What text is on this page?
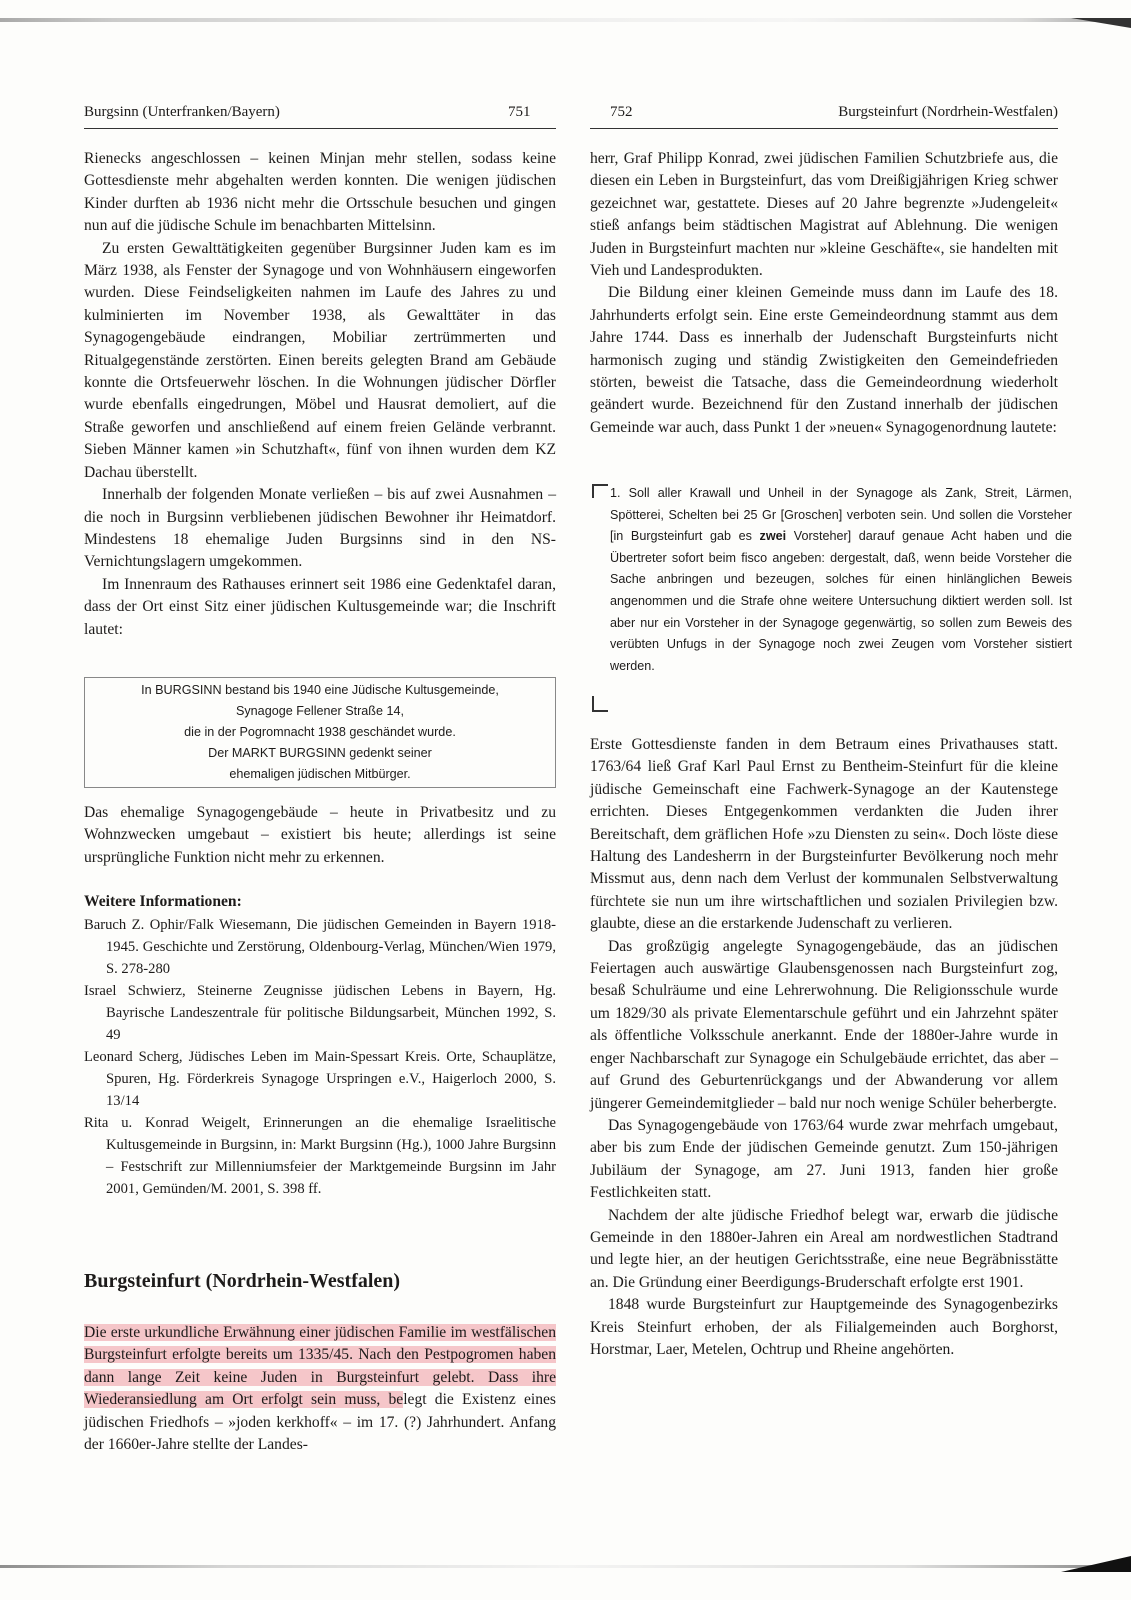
Burgsinn (Unterfranken/Bayern)	751	752	Burgsteinfurt (Nordrhein-Westfalen)

Rienecks angeschlossen – keinen Minjan mehr stellen, sodass keine Gottesdienste mehr abgehalten werden konnten. Die wenigen jüdischen Kinder durften ab 1936 nicht mehr die Ortsschule besuchen und gingen nun auf die jüdische Schule im benachbarten Mittelsinn.

Zu ersten Gewalttätigkeiten gegenüber Burgsinner Juden kam es im März 1938, als Fenster der Synagoge und von Wohnhäusern eingeworfen wurden. Diese Feindseligkeiten nahmen im Laufe des Jahres zu und kulminierten im November 1938, als Gewalttäter in das Synagogengebäude eindrangen, Mobiliar zertrümmerten und Ritualgegenstände zerstörten. Einen bereits gelegten Brand am Gebäude konnte die Ortsfeuerwehr löschen. In die Wohnungen jüdischer Dörfler wurde ebenfalls eingedrungen, Möbel und Hausrat demoliert, auf die Straße geworfen und anschließend auf einem freien Gelände verbrannt. Sieben Männer kamen »in Schutzhaft«, fünf von ihnen wurden dem KZ Dachau überstellt.

Innerhalb der folgenden Monate verließen – bis auf zwei Ausnahmen – die noch in Burgsinn verbliebenen jüdischen Bewohner ihr Heimatdorf. Mindestens 18 ehemalige Juden Burgsinns sind in den NS-Vernichtungslagern umgekommen.

Im Innenraum des Rathauses erinnert seit 1986 eine Gedenktafel daran, dass der Ort einst Sitz einer jüdischen Kultusgemeinde war; die Inschrift lautet:

In BURGSINN bestand bis 1940 eine Jüdische Kultusgemeinde,
Synagoge Fellener Straße 14,
die in der Pogromnacht 1938 geschändet wurde.
Der MARKT BURGSINN gedenkt seiner
ehemaligen jüdischen Mitbürger.

Das ehemalige Synagogengebäude – heute in Privatbesitz und zu Wohnzwecken umgebaut – existiert bis heute; allerdings ist seine ursprüngliche Funktion nicht mehr zu erkennen.

Weitere Informationen:

Baruch Z. Ophir/Falk Wiesemann, Die jüdischen Gemeinden in Bayern 1918-1945. Geschichte und Zerstörung, Oldenbourg-Verlag, München/Wien 1979, S. 278-280

Israel Schwierz, Steinerne Zeugnisse jüdischen Lebens in Bayern, Hg. Bayrische Landeszentrale für politische Bildungsarbeit, München 1992, S. 49

Leonard Scherg, Jüdisches Leben im Main-Spessart Kreis. Orte, Schauplätze, Spuren, Hg. Förderkreis Synagoge Urspringen e.V., Haigerloch 2000, S. 13/14

Rita u. Konrad Weigelt, Erinnerungen an die ehemalige Israelitische Kultusgemeinde in Burgsinn, in: Markt Burgsinn (Hg.), 1000 Jahre Burgsinn – Festschrift zur Millenniumsfeier der Marktgemeinde Burgsinn im Jahr 2001, Gemünden/M. 2001, S. 398 ff.

Burgsteinfurt (Nordrhein-Westfalen)

Die erste urkundliche Erwähnung einer jüdischen Familie im westfälischen Burgsteinfurt erfolgte bereits um 1335/45. Nach den Pestpogromen haben dann lange Zeit keine Juden in Burgsteinfurt gelebt. Dass ihre Wiederansiedlung am Ort erfolgt sein muss, belegt die Existenz eines jüdischen Friedhofs – »joden kerkhoff« – im 17. (?) Jahrhundert. Anfang der 1660er-Jahre stellte der Landes-

herr, Graf Philipp Konrad, zwei jüdischen Familien Schutzbriefe aus, die diesen ein Leben in Burgsteinfurt, das vom Dreißigjährigen Krieg schwer gezeichnet war, gestattete. Dieses auf 20 Jahre begrenzte »Judengeleit« stieß anfangs beim städtischen Magistrat auf Ablehnung. Die wenigen Juden in Burgsteinfurt machten nur »kleine Geschäfte«, sie handelten mit Vieh und Landesprodukten.

Die Bildung einer kleinen Gemeinde muss dann im Laufe des 18. Jahrhunderts erfolgt sein. Eine erste Gemeindeordnung stammt aus dem Jahre 1744. Dass es innerhalb der Judenschaft Burgsteinfurts nicht harmonisch zuging und ständig Zwistigkeiten den Gemeindefrieden störten, beweist die Tatsache, dass die Gemeindeordnung wiederholt geändert wurde. Bezeichnend für den Zustand innerhalb der jüdischen Gemeinde war auch, dass Punkt 1 der »neuen« Synagogenordnung lautete:

1. Soll aller Krawall und Unheil in der Synagoge als Zank, Streit, Lärmen, Spötterei, Schelten bei 25 Gr [Groschen] verboten sein. Und sollen die Vorsteher [in Burgsteinfurt gab es zwei Vorsteher] darauf genaue Acht haben und die Übertreter sofort beim fisco angeben: dergestalt, daß, wenn beide Vorsteher die Sache anbringen und bezeugen, solches für einen hinlänglichen Beweis angenommen und die Strafe ohne weitere Untersuchung diktiert werden soll. Ist aber nur ein Vorsteher in der Synagoge gegenwärtig, so sollen zum Beweis des verübten Unfugs in der Synagoge noch zwei Zeugen vom Vorsteher sistiert werden.

Erste Gottesdienste fanden in dem Betraum eines Privathauses statt. 1763/64 ließ Graf Karl Paul Ernst zu Bentheim-Steinfurt für die kleine jüdische Gemeinschaft eine Fachwerk-Synagoge an der Kautenstege errichten. Dieses Entgegenkommen verdankten die Juden ihrer Bereitschaft, dem gräflichen Hofe »zu Diensten zu sein«. Doch löste diese Haltung des Landesherrn in der Burgsteinfurter Bevölkerung noch mehr Missmut aus, denn nach dem Verlust der kommunalen Selbstverwaltung fürchtete sie nun um ihre wirtschaftlichen und sozialen Privilegien bzw. glaubte, diese an die erstarkende Judenschaft zu verlieren.

Das großzügig angelegte Synagogengebäude, das an jüdischen Feiertagen auch auswärtige Glaubensgenossen nach Burgsteinfurt zog, besaß Schulräume und eine Lehrerwohnung. Die Religionsschule wurde um 1829/30 als private Elementarschule geführt und ein Jahrzehnt später als öffentliche Volksschule anerkannt. Ende der 1880er-Jahre wurde in enger Nachbarschaft zur Synagoge ein Schulgebäude errichtet, das aber – auf Grund des Geburtenrückgangs und der Abwanderung vor allem jüngerer Gemeindemitglieder – bald nur noch wenige Schüler beherbergte.

Das Synagogengebäude von 1763/64 wurde zwar mehrfach umgebaut, aber bis zum Ende der jüdischen Gemeinde genutzt. Zum 150-jährigen Jubiläum der Synagoge, am 27. Juni 1913, fanden hier große Festlichkeiten statt.

Nachdem der alte jüdische Friedhof belegt war, erwarb die jüdische Gemeinde in den 1880er-Jahren ein Areal am nordwestlichen Stadtrand und legte hier, an der heutigen Gerichtsstraße, eine neue Begräbnisstätte an. Die Gründung einer Beerdigungs-Bruderschaft erfolgte erst 1901.

1848 wurde Burgsteinfurt zur Hauptgemeinde des Synagogenbezirks Kreis Steinfurt erhoben, der als Filialgemeinden auch Borghorst, Horstmar, Laer, Metelen, Ochtrup und Rheine angehörten.
